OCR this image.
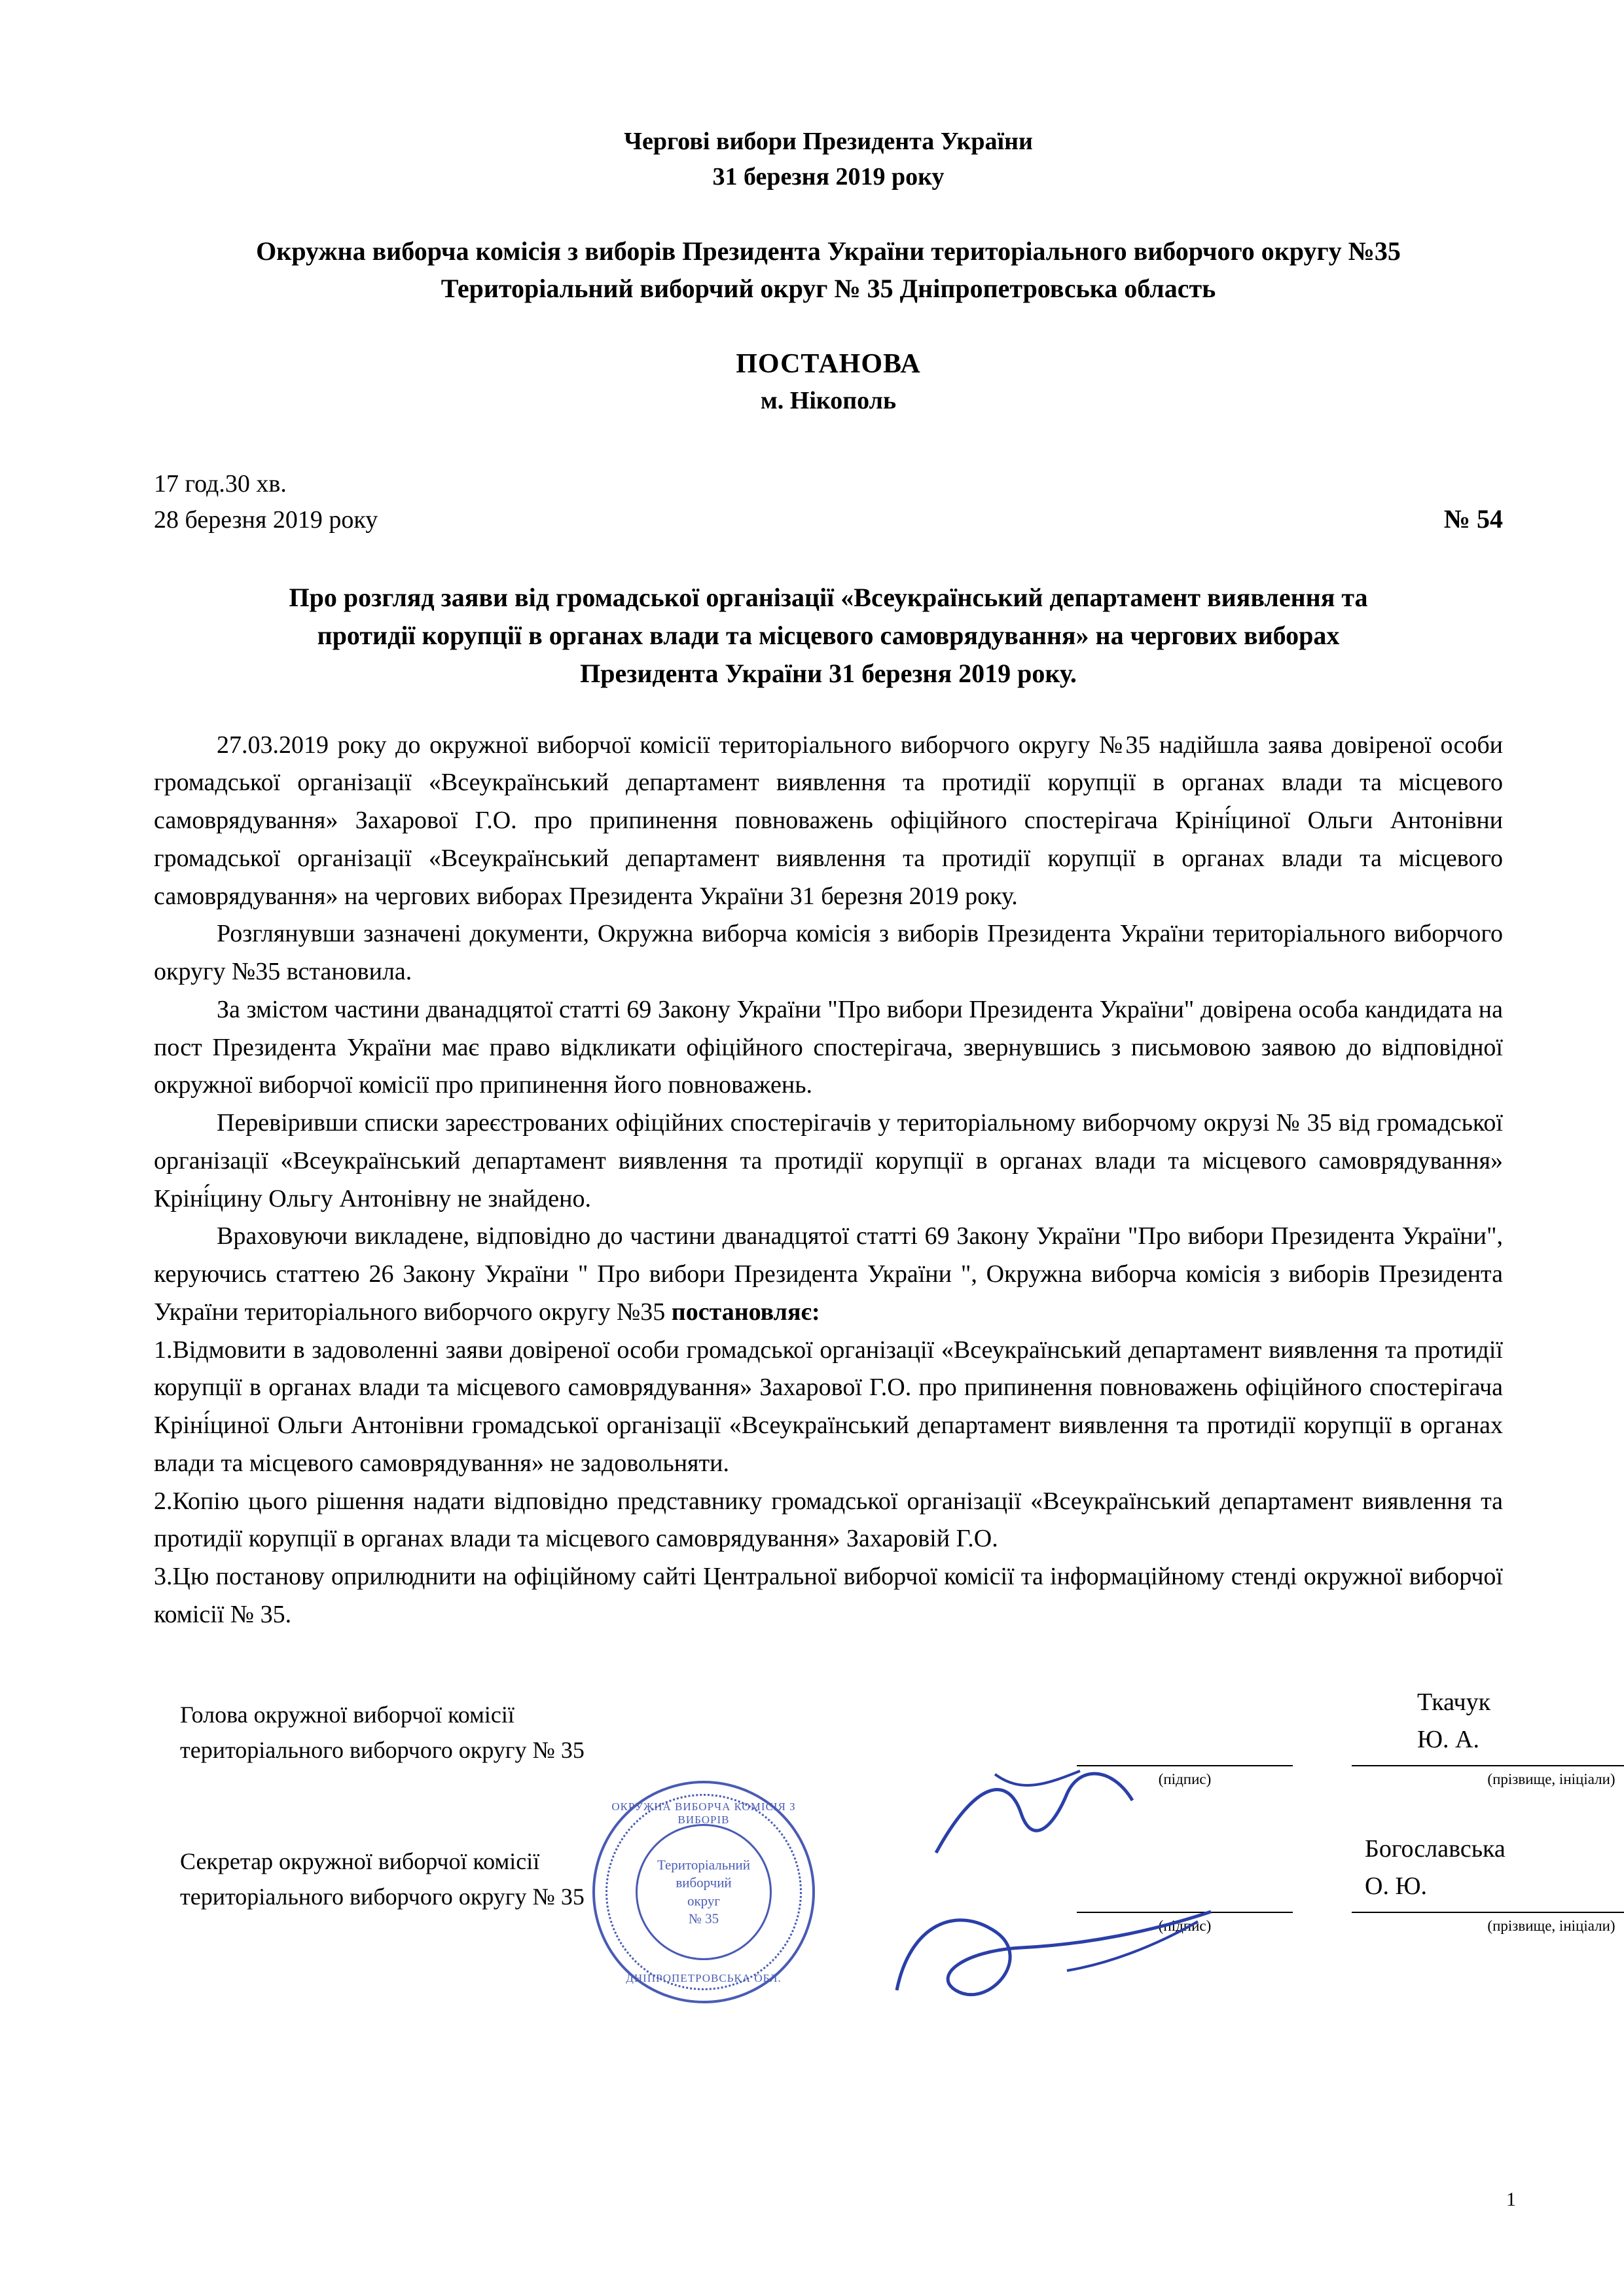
Чергові вибори Президента України
31 березня 2019 року
Окружна виборча комісія з виборів Президента України територіального виборчого округу №35
Територіальний виборчий округ № 35 Дніпропетровська область
ПОСТАНОВА
м. Нікополь
17 год.30 хв.
28 березня 2019 року	№ 54
Про розгляд заяви від громадської організації «Всеукраїнський департамент виявлення та
протидії корупції в органах влади та місцевого самоврядування» на чергових виборах
Президента України 31 березня 2019 року.

27.03.2019 року до окружної виборчої комісії територіального виборчого округу №35 надійшла заява довіреної особи громадської організації «Всеукраїнський департамент виявлення та протидії корупції в органах влади та місцевого самоврядування» Захарової Г.О. про припинення повноважень офіційного спостерігача Кріні́циної Ольги Антонівни громадської організації «Всеукраїнський департамент виявлення та протидії корупції в органах влади та місцевого самоврядування» на чергових виборах Президента України 31 березня 2019 року.

Розглянувши зазначені документи, Окружна виборча комісія з виборів Президента України територіального виборчого округу №35 встановила.

За змістом частини дванадцятої статті 69 Закону України "Про вибори Президента України" довірена особа кандидата на пост Президента України має право відкликати офіційного спостерігача, звернувшись з письмовою заявою до відповідної окружної виборчої комісії про припинення його повноважень.

Перевіривши списки зареєстрованих офіційних спостерігачів у територіальному виборчому окрузі № 35 від громадської організації «Всеукраїнський департамент виявлення та протидії корупції в органах влади та місцевого самоврядування» Кріні́цину Ольгу Антонівну не знайдено.

Враховуючи викладене, відповідно до частини дванадцятої статті 69 Закону України "Про вибори Президента України", керуючись статтею 26 Закону України " Про вибори Президента України ", Окружна виборча комісія з виборів Президента України територіального виборчого округу №35 постановляє:

1.Відмовити в задоволенні заяви довіреної особи громадської організації «Всеукраїнський департамент виявлення та протидії корупції в органах влади та місцевого самоврядування» Захарової Г.О. про припинення повноважень офіційного спостерігача Кріні́циної Ольги Антонівни громадської організації «Всеукраїнський департамент виявлення та протидії корупції в органах влади та місцевого самоврядування» не задовольняти.

2.Копію цього рішення надати відповідно представнику громадської організації «Всеукраїнський департамент виявлення та протидії корупції в органах влади та місцевого самоврядування» Захаровій Г.О.

3.Цю постанову оприлюднити на офіційному сайті Центральної виборчої комісії та інформаційному стенді окружної виборчої комісії № 35.

Голова окружної виборчої комісії
територіального виборчого округу № 35
(підпис)	(прізвище, ініціали)
Ткачук Ю. А.
Секретар окружної виборчої комісії
територіального виборчого округу № 35
(підпис)	(прізвище, ініціали)
Богославська О. Ю.
ОКРУЖНА ВИБОРЧА КОМІСІЯ З ВИБОРІВ
Територіальний
виборчий
округ
№ 35
ДНІПРОПЕТРОВСЬКА ОБЛ.
1
